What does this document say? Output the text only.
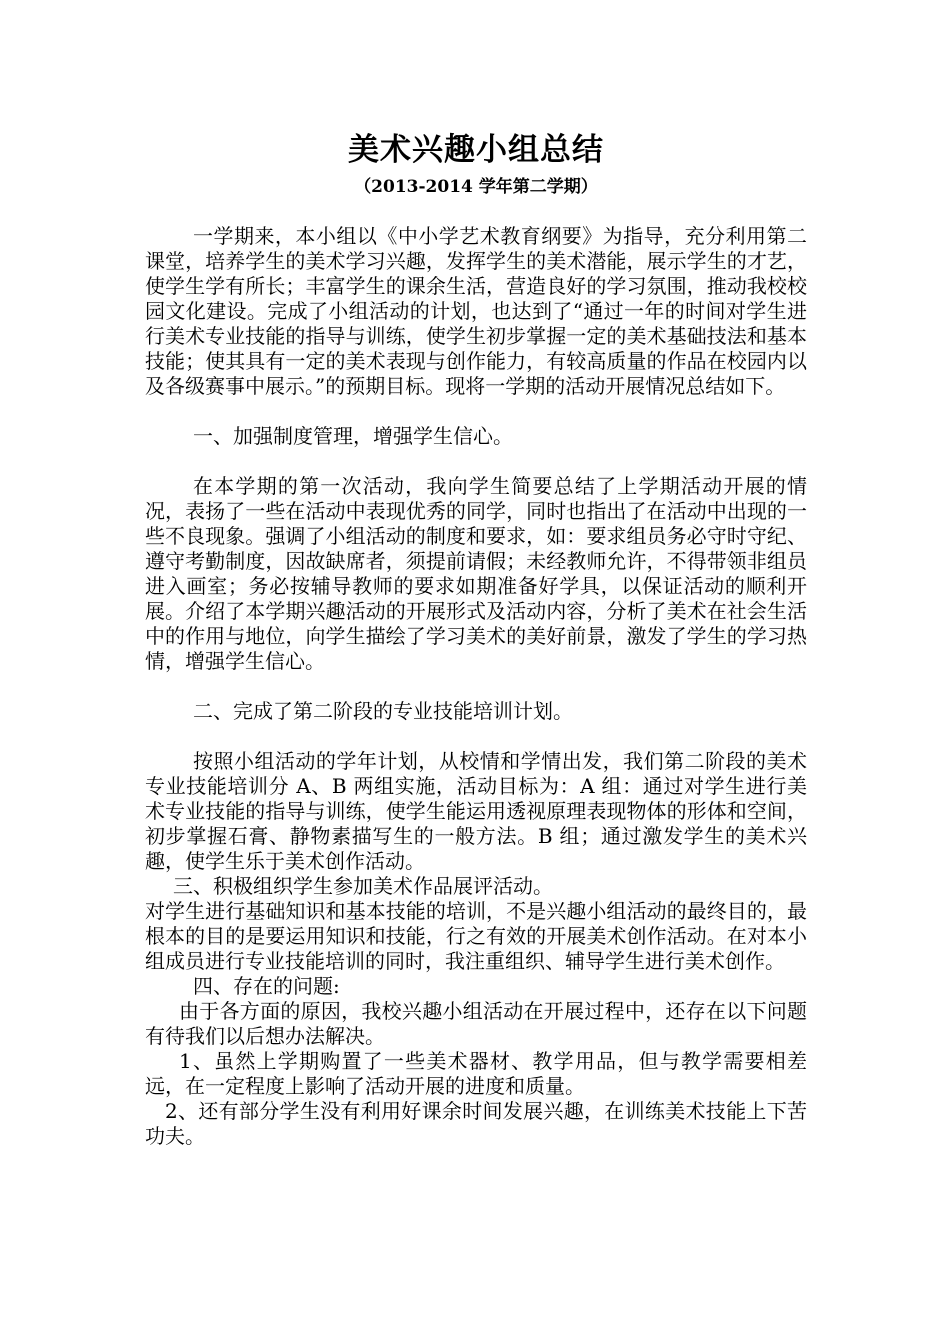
美术兴趣小组总结
（2013-2014 学年第二学期）

一学期来，本小组以《中小学艺术教育纲要》为指导，充分利用第二课堂，培养学生的美术学习兴趣，发挥学生的美术潜能，展示学生的才艺，使学生学有所长；丰富学生的课余生活，营造良好的学习氛围，推动我校校园文化建设。完成了小组活动的计划，也达到了“通过一年的时间对学生进行美术专业技能的指导与训练，使学生初步掌握一定的美术基础技法和基本技能；使其具有一定的美术表现与创作能力，有较高质量的作品在校园内以及各级赛事中展示。”的预期目标。现将一学期的活动开展情况总结如下。

一、加强制度管理，增强学生信心。

在本学期的第一次活动，我向学生简要总结了上学期活动开展的情况，表扬了一些在活动中表现优秀的同学，同时也指出了在活动中出现的一些不良现象。强调了小组活动的制度和要求，如：要求组员务必守时守纪、遵守考勤制度，因故缺席者，须提前请假；未经教师允许，不得带领非组员进入画室；务必按辅导教师的要求如期准备好学具，以保证活动的顺利开展。介绍了本学期兴趣活动的开展形式及活动内容，分析了美术在社会生活中的作用与地位，向学生描绘了学习美术的美好前景，激发了学生的学习热情，增强学生信心。

二、完成了第二阶段的专业技能培训计划。

按照小组活动的学年计划，从校情和学情出发，我们第二阶段的美术专业技能培训分 A、B 两组实施，活动目标为：A 组：通过对学生进行美术专业技能的指导与训练，使学生能运用透视原理表现物体的形体和空间，初步掌握石膏、静物素描写生的一般方法。B 组；通过激发学生的美术兴趣，使学生乐于美术创作活动。

三、积极组织学生参加美术作品展评活动。

对学生进行基础知识和基本技能的培训，不是兴趣小组活动的最终目的，最根本的目的是要运用知识和技能，行之有效的开展美术创作活动。在对本小组成员进行专业技能培训的同时，我注重组织、辅导学生进行美术创作。

四、存在的问题:

由于各方面的原因，我校兴趣小组活动在开展过程中，还存在以下问题有待我们以后想办法解决。

1、虽然上学期购置了一些美术器材、教学用品，但与教学需要相差远，在一定程度上影响了活动开展的进度和质量。

2、还有部分学生没有利用好课余时间发展兴趣，在训练美术技能上下苦功夫。
